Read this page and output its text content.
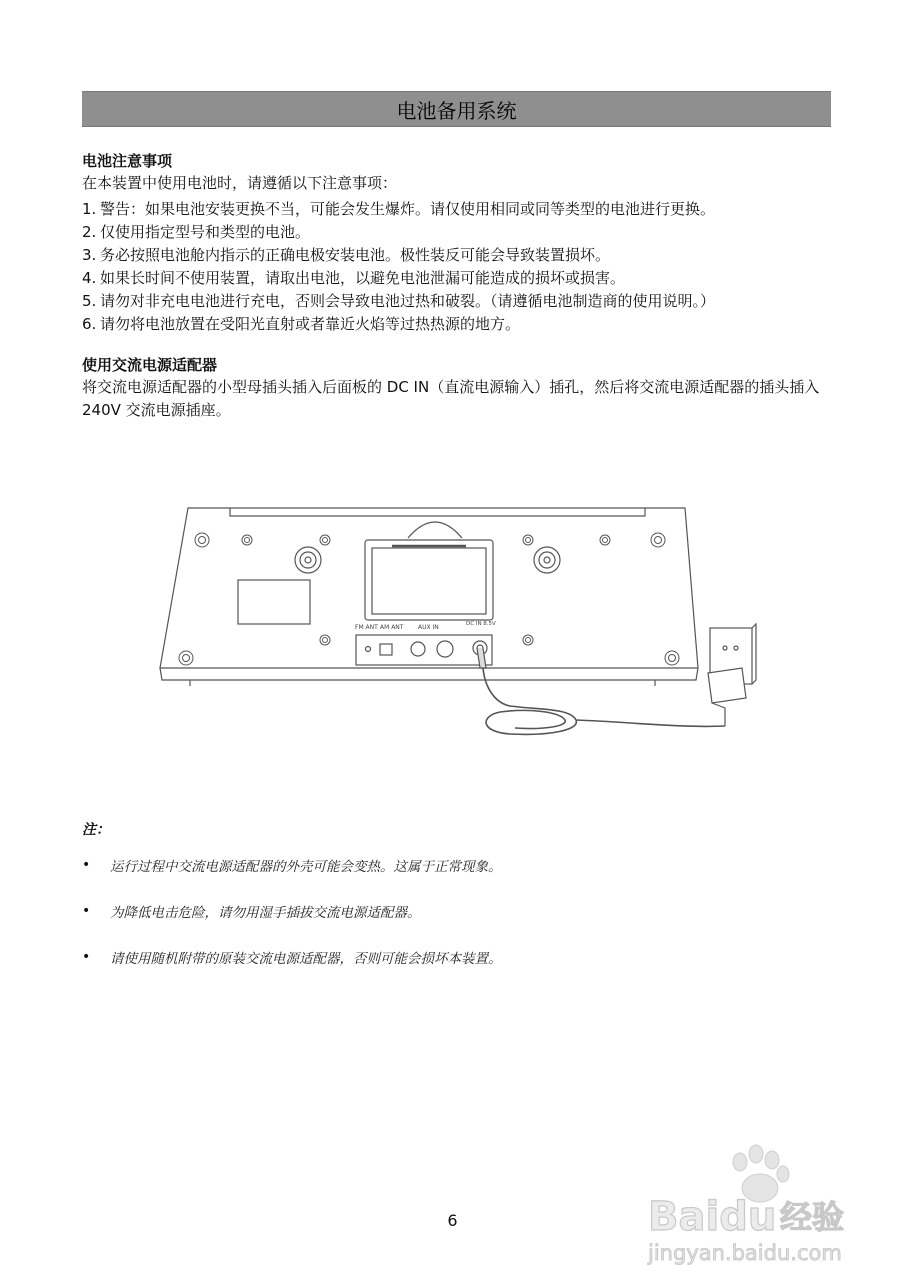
电池备用系统

电池注意事项

在本装置中使用电池时，请遵循以下注意事项：

1. 警告：如果电池安装更换不当，可能会发生爆炸。请仅使用相同或同等类型的电池进行更换。
2. 仅使用指定型号和类型的电池。
3. 务必按照电池舱内指示的正确电极安装电池。极性装反可能会导致装置损坏。
4. 如果长时间不使用装置，请取出电池，以避免电池泄漏可能造成的损坏或损害。
5. 请勿对非充电电池进行充电，否则会导致电池过热和破裂。（请遵循电池制造商的使用说明。）
6. 请勿将电池放置在受阳光直射或者靠近火焰等过热热源的地方。

使用交流电源适配器

将交流电源适配器的小型母插头插入后面板的 DC IN（直流电源输入）插孔，然后将交流电源适配器的插头插入 240V 交流电源插座。

FM ANT AM ANT AUX IN	DC IN 8.5V
注：
•	运行过程中交流电源适配器的外壳可能会变热。这属于正常现象。
•	为降低电击危险，请勿用湿手插拔交流电源适配器。
•	请使用随机附带的原装交流电源适配器，否则可能会损坏本装置。
6	Baidu 经验
jingyan.baidu.com
